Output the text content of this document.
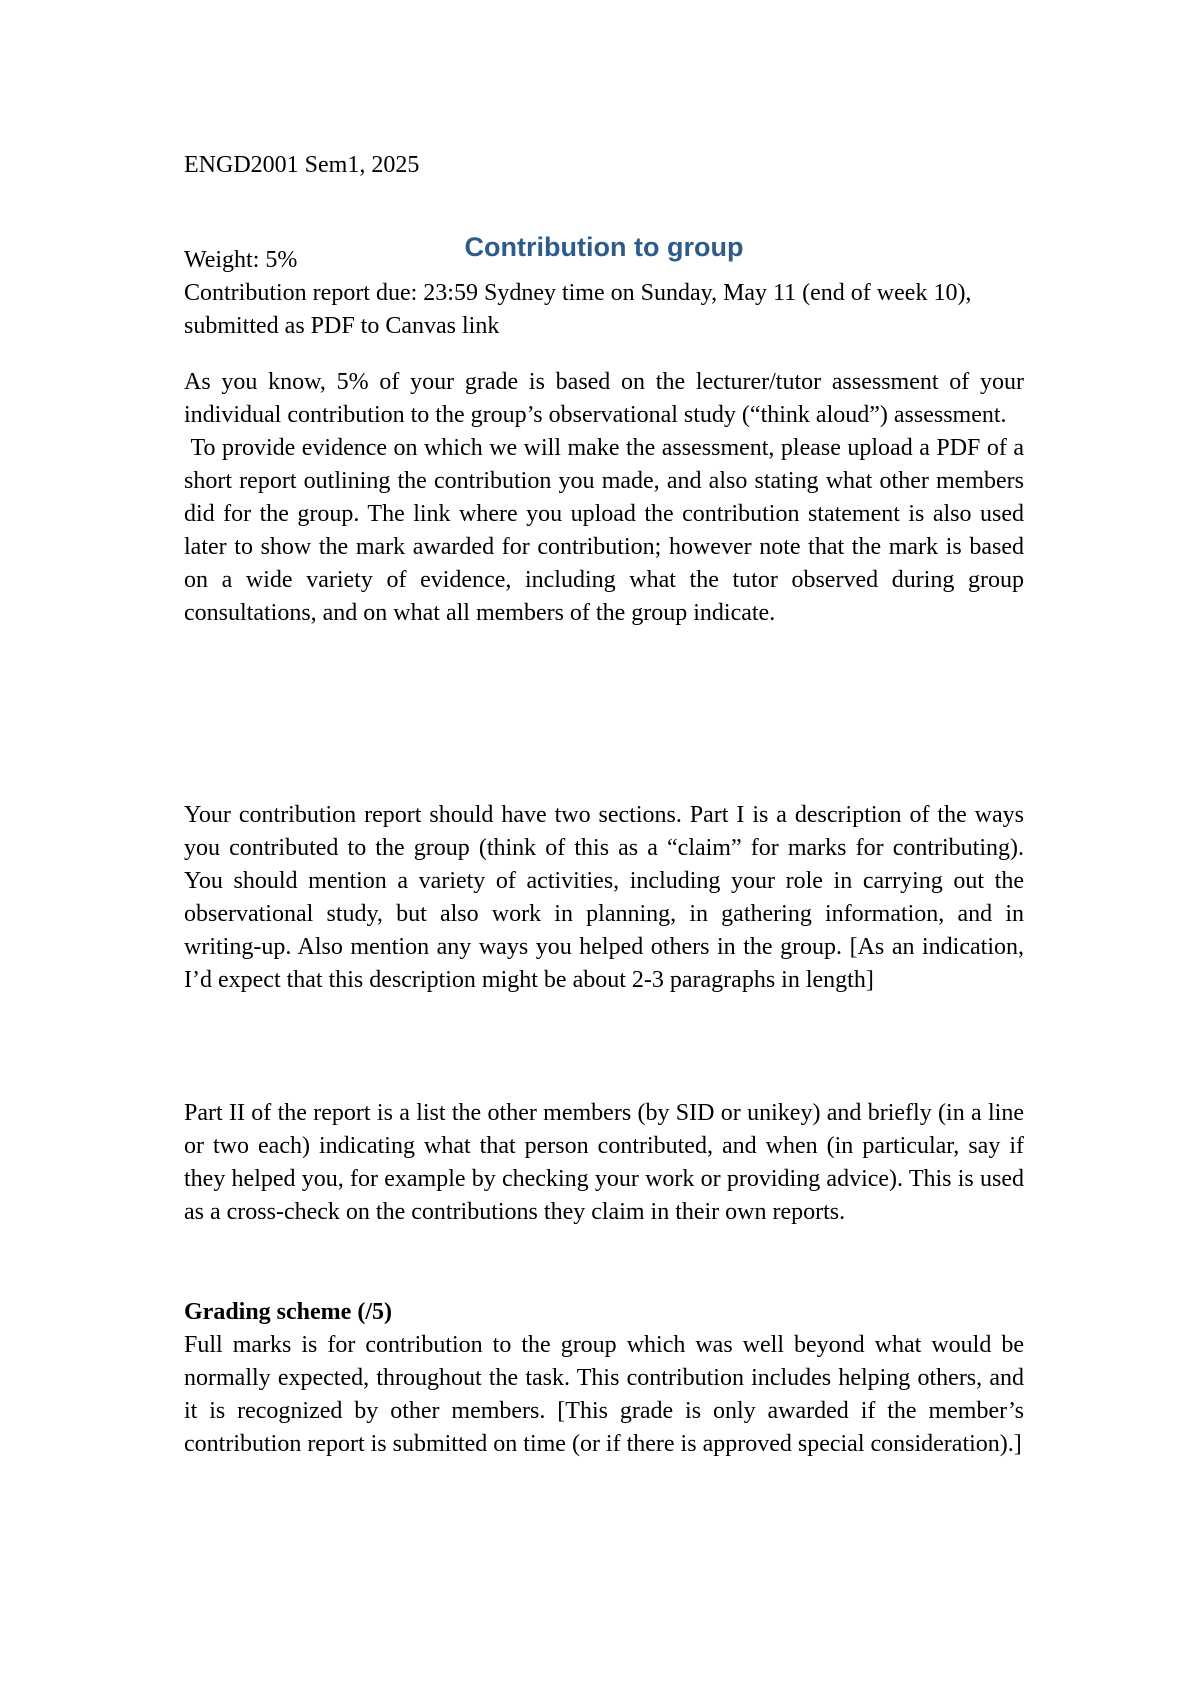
ENGD2001 Sem1, 2025
Contribution to group

Weight: 5%

Contribution report due: 23:59 Sydney time on Sunday, May 11 (end of week 10), submitted as PDF to Canvas link

As you know, 5% of your grade is based on the lecturer/tutor assessment of your individual contribution to the group’s observational study (“think aloud”) assessment.

To provide evidence on which we will make the assessment, please upload a PDF of a short report outlining the contribution you made, and also stating what other members did for the group. The link where you upload the contribution statement is also used later to show the mark awarded for contribution; however note that the mark is based on a wide variety of evidence, including what the tutor observed during group consultations, and on what all members of the group indicate.

Your contribution report should have two sections. Part I is a description of the ways you contributed to the group (think of this as a “claim” for marks for contributing). You should mention a variety of activities, including your role in carrying out the observational study, but also work in planning, in gathering information, and in writing-up. Also mention any ways you helped others in the group. [As an indication, I’d expect that this description might be about 2-3 paragraphs in length]

Part II of the report is a list the other members (by SID or unikey) and briefly (in a line or two each) indicating what that person contributed, and when (in particular, say if they helped you, for example by checking your work or providing advice). This is used as a cross-check on the contributions they claim in their own reports.

Grading scheme (/5)

Full marks is for contribution to the group which was well beyond what would be normally expected, throughout the task. This contribution includes helping others, and it is recognized by other members. [This grade is only awarded if the member’s contribution report is submitted on time (or if there is approved special consideration).]
